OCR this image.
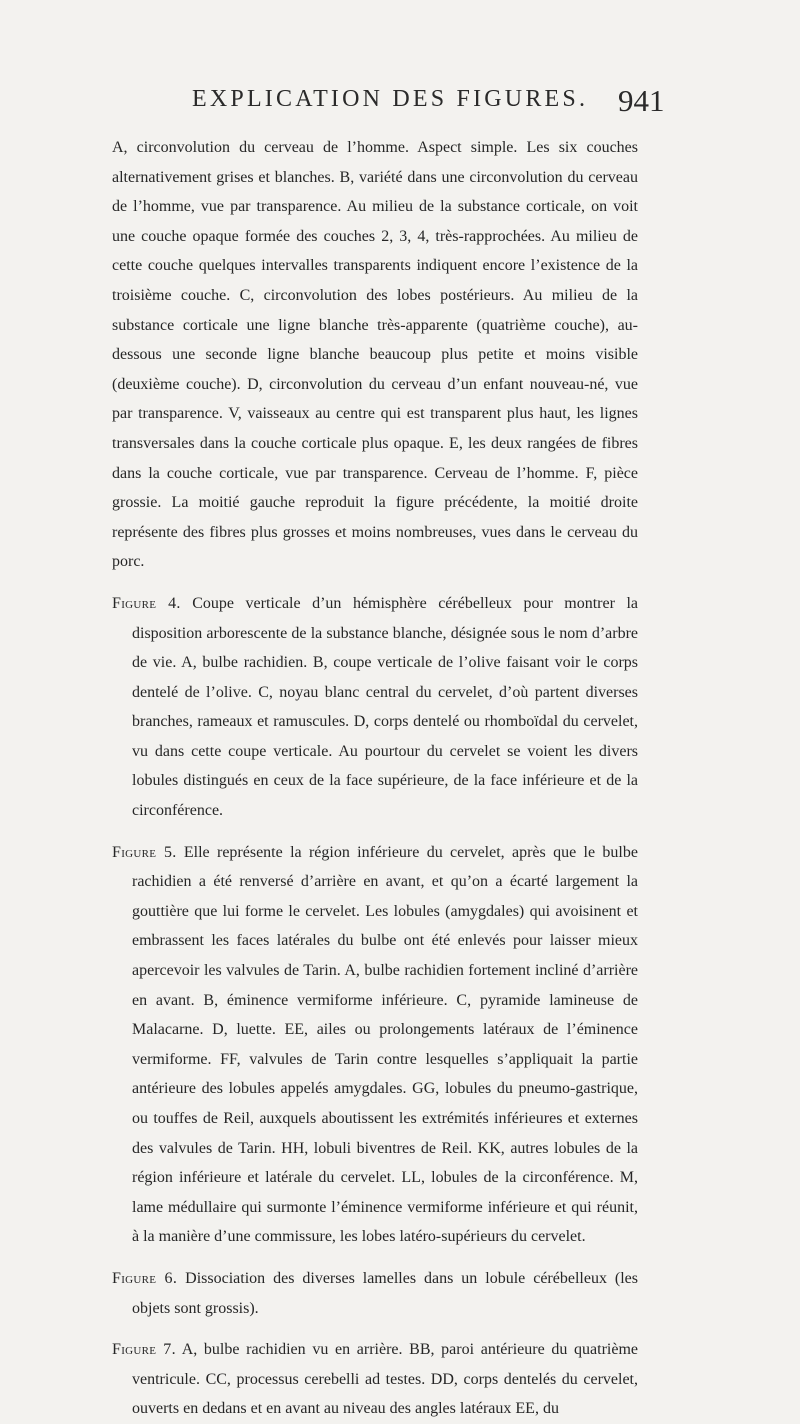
EXPLICATION DES FIGURES. 941

A, circonvolution du cerveau de l’homme. Aspect simple. Les six couches alternativement grises et blanches. B, variété dans une circonvolution du cerveau de l’homme, vue par transparence. Au milieu de la substance corticale, on voit une couche opaque formée des couches 2, 3, 4, très-rapprochées. Au milieu de cette couche quelques intervalles transparents indiquent encore l’existence de la troisième couche. C, circonvolution des lobes postérieurs. Au milieu de la substance corticale une ligne blanche très-apparente (quatrième couche), au-dessous une seconde ligne blanche beaucoup plus petite et moins visible (deuxième couche). D, circonvolution du cerveau d’un enfant nouveau-né, vue par transparence. V, vaisseaux au centre qui est transparent plus haut, les lignes transversales dans la couche corticale plus opaque. E, les deux rangées de fibres dans la couche corticale, vue par transparence. Cerveau de l’homme. F, pièce grossie. La moitié gauche reproduit la figure précédente, la moitié droite représente des fibres plus grosses et moins nombreuses, vues dans le cerveau du porc.

Figure 4. Coupe verticale d’un hémisphère cérébelleux pour montrer la disposition arborescente de la substance blanche, désignée sous le nom d’arbre de vie. A, bulbe rachidien. B, coupe verticale de l’olive faisant voir le corps dentelé de l’olive. C, noyau blanc central du cervelet, d’où partent diverses branches, rameaux et ramuscules. D, corps dentelé ou rhomboïdal du cervelet, vu dans cette coupe verticale. Au pourtour du cervelet se voient les divers lobules distingués en ceux de la face supérieure, de la face inférieure et de la circonférence.

Figure 5. Elle représente la région inférieure du cervelet, après que le bulbe rachidien a été renversé d’arrière en avant, et qu’on a écarté largement la gouttière que lui forme le cervelet. Les lobules (amygdales) qui avoisinent et embrassent les faces latérales du bulbe ont été enlevés pour laisser mieux apercevoir les valvules de Tarin. A, bulbe rachidien fortement incliné d’arrière en avant. B, éminence vermiforme inférieure. C, pyramide lamineuse de Malacarne. D, luette. EE, ailes ou prolongements latéraux de l’éminence vermiforme. FF, valvules de Tarin contre lesquelles s’appliquait la partie antérieure des lobules appelés amygdales. GG, lobules du pneumo-gastrique, ou touffes de Reil, auxquels aboutissent les extrémités inférieures et externes des valvules de Tarin. HH, lobuli biventres de Reil. KK, autres lobules de la région inférieure et latérale du cervelet. LL, lobules de la circonférence. M, lame médullaire qui surmonte l’éminence vermiforme inférieure et qui réunit, à la manière d’une commissure, les lobes latéro-supérieurs du cervelet.

Figure 6. Dissociation des diverses lamelles dans un lobule cérébelleux (les objets sont grossis).

Figure 7. A, bulbe rachidien vu en arrière. BB, paroi antérieure du quatrième ventricule. CC, processus cerebelli ad testes. DD, corps dentelés du cervelet, ouverts en dedans et en avant au niveau des angles latéraux EE, du
